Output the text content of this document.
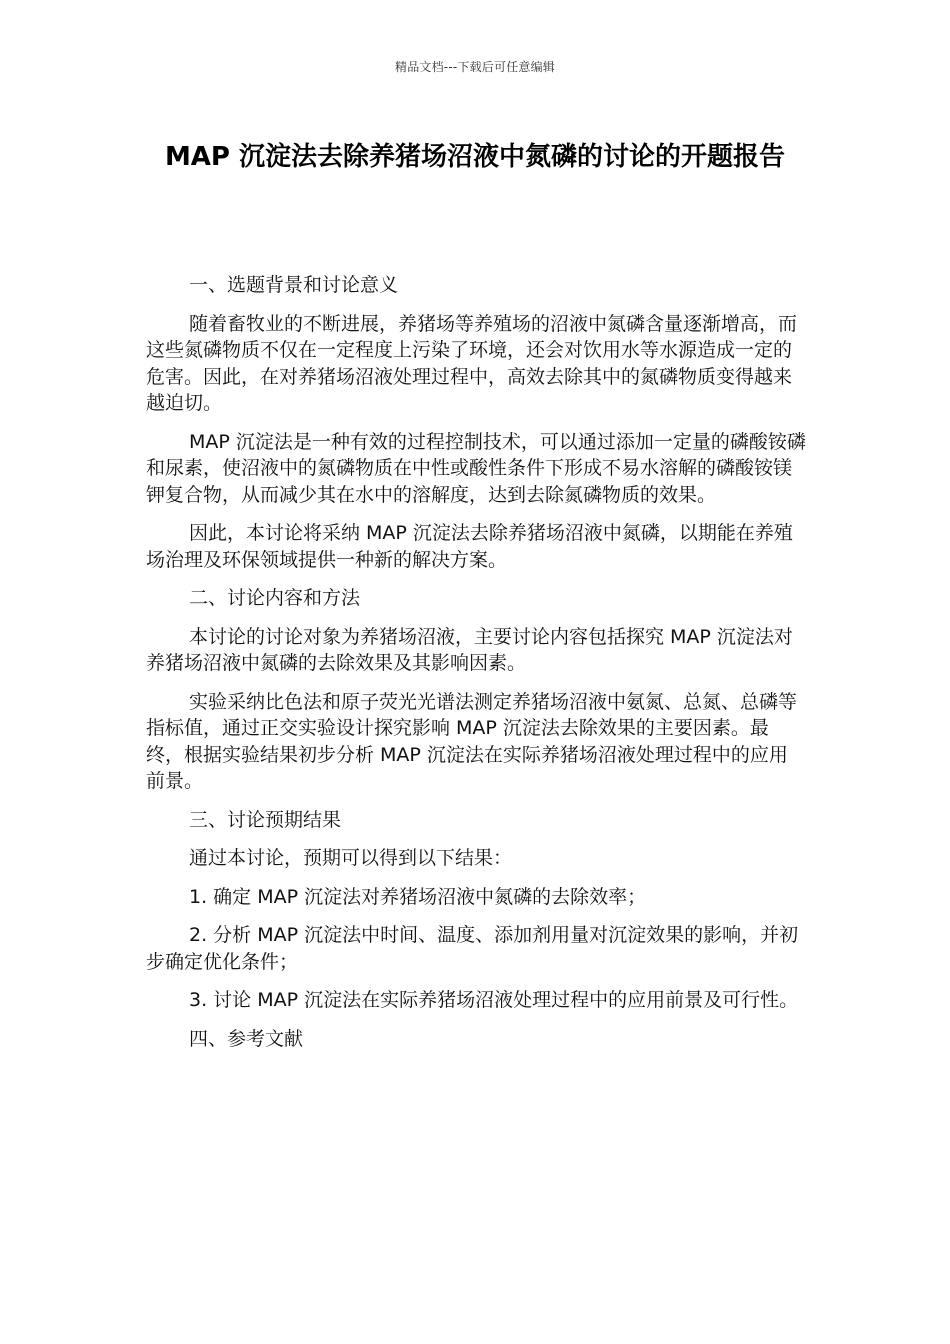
精品文档---下载后可任意编辑
MAP 沉淀法去除养猪场沼液中氮磷的讨论的开题报告

一、选题背景和讨论意义

随着畜牧业的不断进展，养猪场等养殖场的沼液中氮磷含量逐渐增高，而这些氮磷物质不仅在一定程度上污染了环境，还会对饮用水等水源造成一定的危害。因此，在对养猪场沼液处理过程中，高效去除其中的氮磷物质变得越来越迫切。

MAP 沉淀法是一种有效的过程控制技术，可以通过添加一定量的磷酸铵磷和尿素，使沼液中的氮磷物质在中性或酸性条件下形成不易水溶解的磷酸铵镁钾复合物，从而减少其在水中的溶解度，达到去除氮磷物质的效果。

因此，本讨论将采纳 MAP 沉淀法去除养猪场沼液中氮磷，以期能在养殖场治理及环保领域提供一种新的解决方案。

二、讨论内容和方法

本讨论的讨论对象为养猪场沼液，主要讨论内容包括探究 MAP 沉淀法对养猪场沼液中氮磷的去除效果及其影响因素。

实验采纳比色法和原子荧光光谱法测定养猪场沼液中氨氮、总氮、总磷等指标值，通过正交实验设计探究影响 MAP 沉淀法去除效果的主要因素。最终，根据实验结果初步分析 MAP 沉淀法在实际养猪场沼液处理过程中的应用前景。

三、讨论预期结果

通过本讨论，预期可以得到以下结果：

1. 确定 MAP 沉淀法对养猪场沼液中氮磷的去除效率；

2. 分析 MAP 沉淀法中时间、温度、添加剂用量对沉淀效果的影响，并初步确定优化条件；

3. 讨论 MAP 沉淀法在实际养猪场沼液处理过程中的应用前景及可行性。

四、参考文献
